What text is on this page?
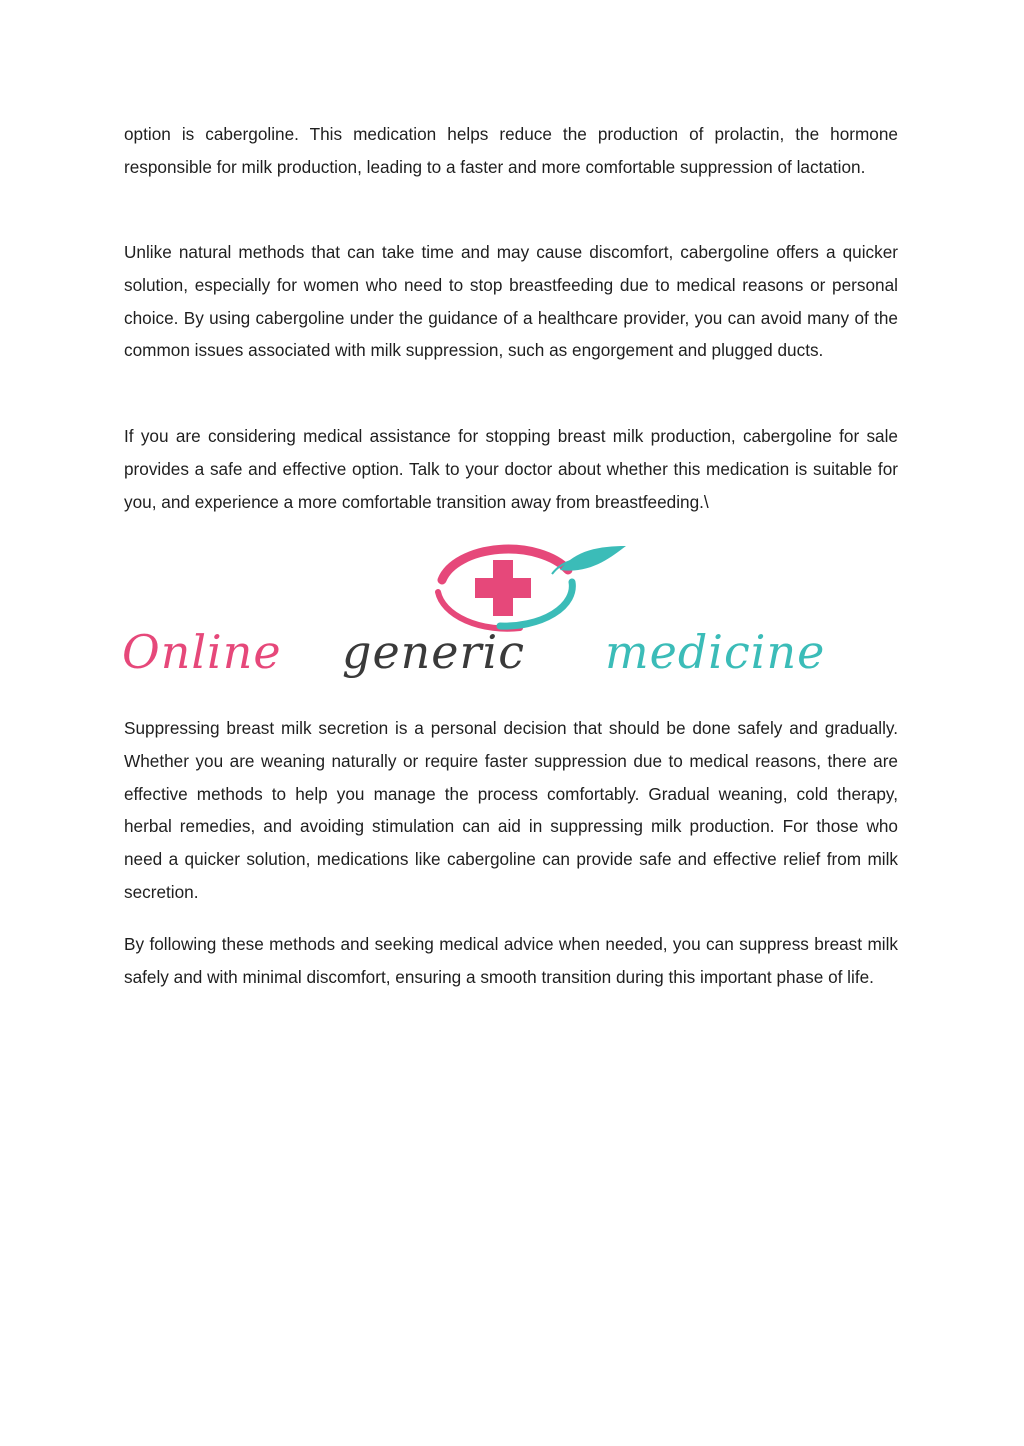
option is cabergoline. This medication helps reduce the production of prolactin, the hormone responsible for milk production, leading to a faster and more comfortable suppression of lactation.

Unlike natural methods that can take time and may cause discomfort, cabergoline offers a quicker solution, especially for women who need to stop breastfeeding due to medical reasons or personal choice. By using cabergoline under the guidance of a healthcare provider, you can avoid many of the common issues associated with milk suppression, such as engorgement and plugged ducts.

If you are considering medical assistance for stopping breast milk production, cabergoline for sale provides a safe and effective option. Talk to your doctor about whether this medication is suitable for you, and experience a more comfortable transition away from breastfeeding.\

Online generic medicine

Suppressing breast milk secretion is a personal decision that should be done safely and gradually. Whether you are weaning naturally or require faster suppression due to medical reasons, there are effective methods to help you manage the process comfortably. Gradual weaning, cold therapy, herbal remedies, and avoiding stimulation can aid in suppressing milk production. For those who need a quicker solution, medications like cabergoline can provide safe and effective relief from milk secretion.

By following these methods and seeking medical advice when needed, you can suppress breast milk safely and with minimal discomfort, ensuring a smooth transition during this important phase of life.
